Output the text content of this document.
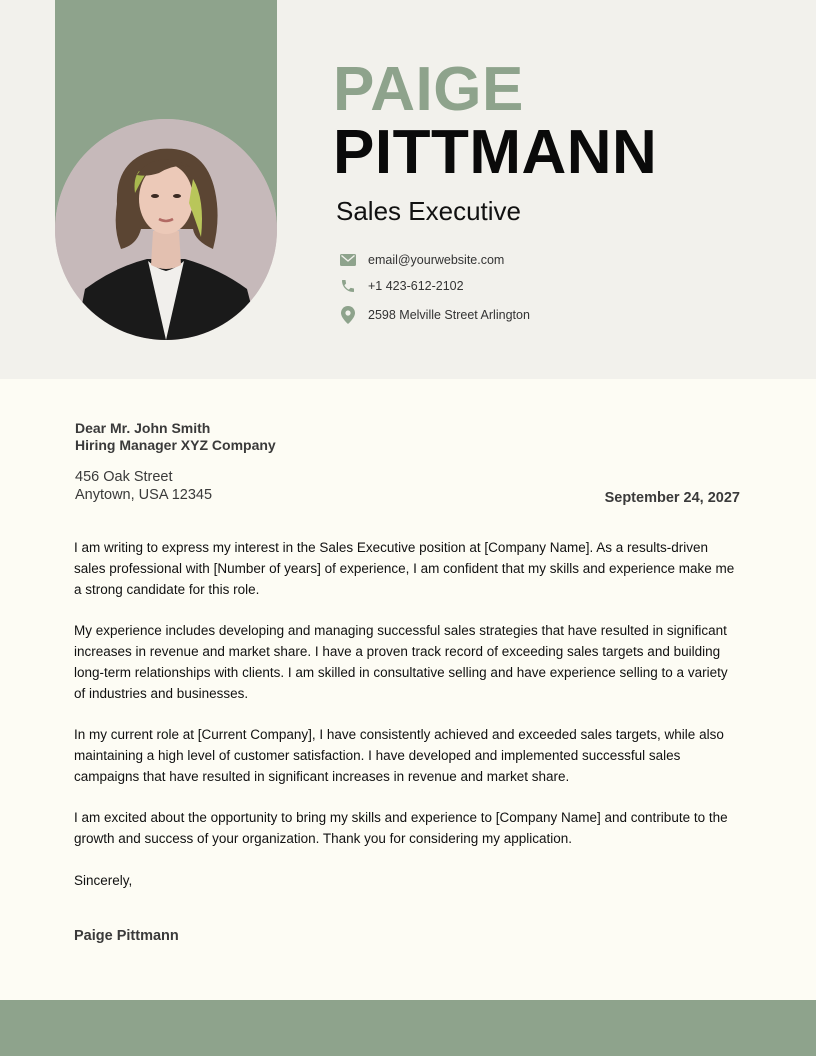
PAIGE
PITTMANN
Sales Executive
email@yourwebsite.com
+1 423-612-2102
2598 Melville Street Arlington
Dear Mr. John Smith
Hiring Manager XYZ Company
456 Oak Street
Anytown, USA 12345	September 24, 2027

I am writing to express my interest in the Sales Executive position at [Company Name]. As a results-driven sales professional with [Number of years] of experience, I am confident that my skills and experience make me a strong candidate for this role.

My experience includes developing and managing successful sales strategies that have resulted in significant increases in revenue and market share. I have a proven track record of exceeding sales targets and building long-term relationships with clients. I am skilled in consultative selling and have experience selling to a variety of industries and businesses.

In my current role at [Current Company], I have consistently achieved and exceeded sales targets, while also maintaining a high level of customer satisfaction. I have developed and implemented successful sales campaigns that have resulted in significant increases in revenue and market share.

I am excited about the opportunity to bring my skills and experience to [Company Name] and contribute to the growth and success of your organization. Thank you for considering my application.

Sincerely,

Paige Pittmann
